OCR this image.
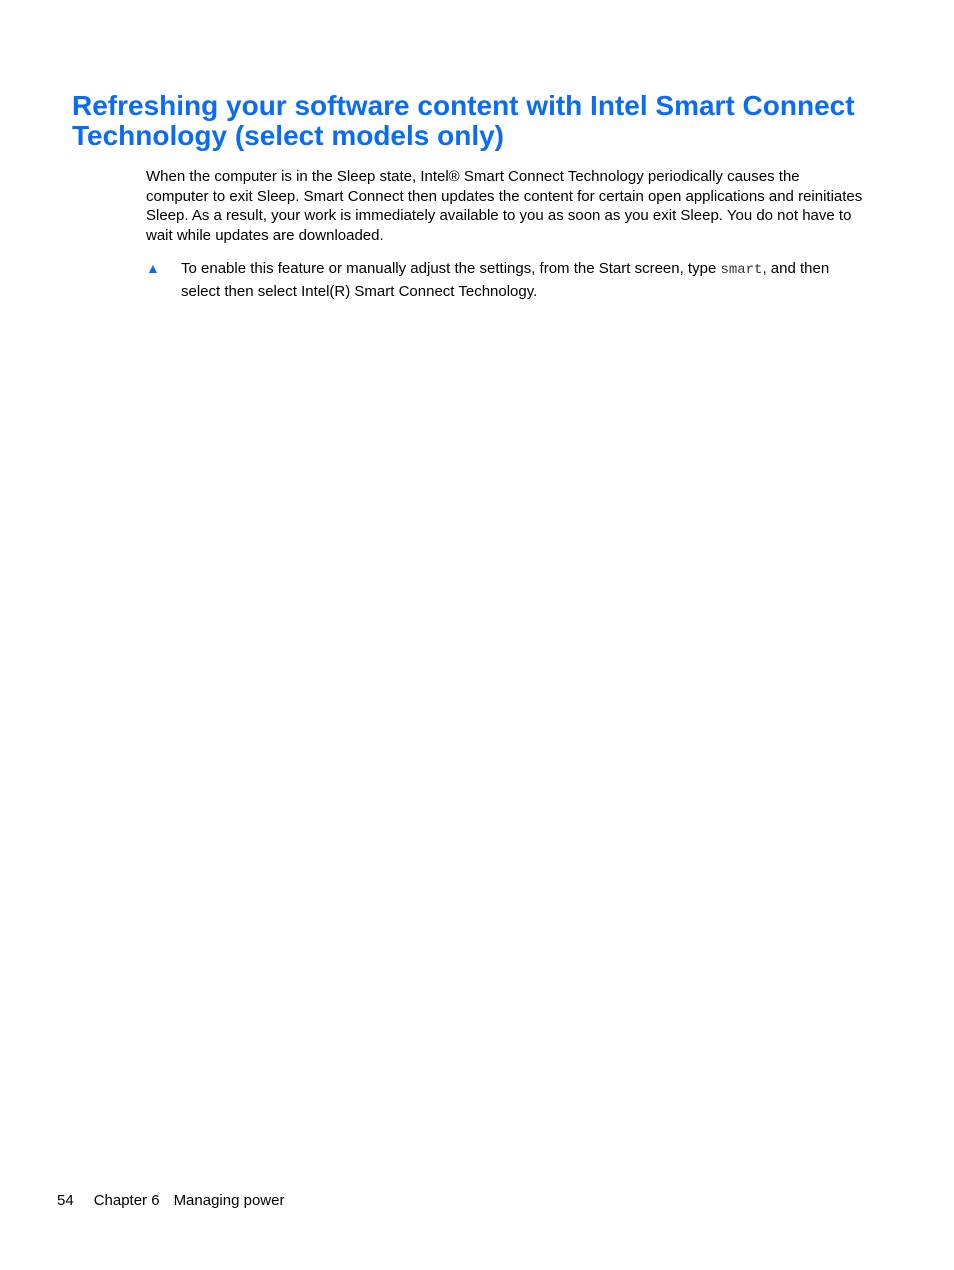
Refreshing your software content with Intel Smart Connect Technology (select models only)

When the computer is in the Sleep state, Intel® Smart Connect Technology periodically causes the computer to exit Sleep. Smart Connect then updates the content for certain open applications and reinitiates Sleep. As a result, your work is immediately available to you as soon as you exit Sleep. You do not have to wait while updates are downloaded.

▲ To enable this feature or manually adjust the settings, from the Start screen, type smart, and then select then select Intel(R) Smart Connect Technology.

54 Chapter 6 Managing power
